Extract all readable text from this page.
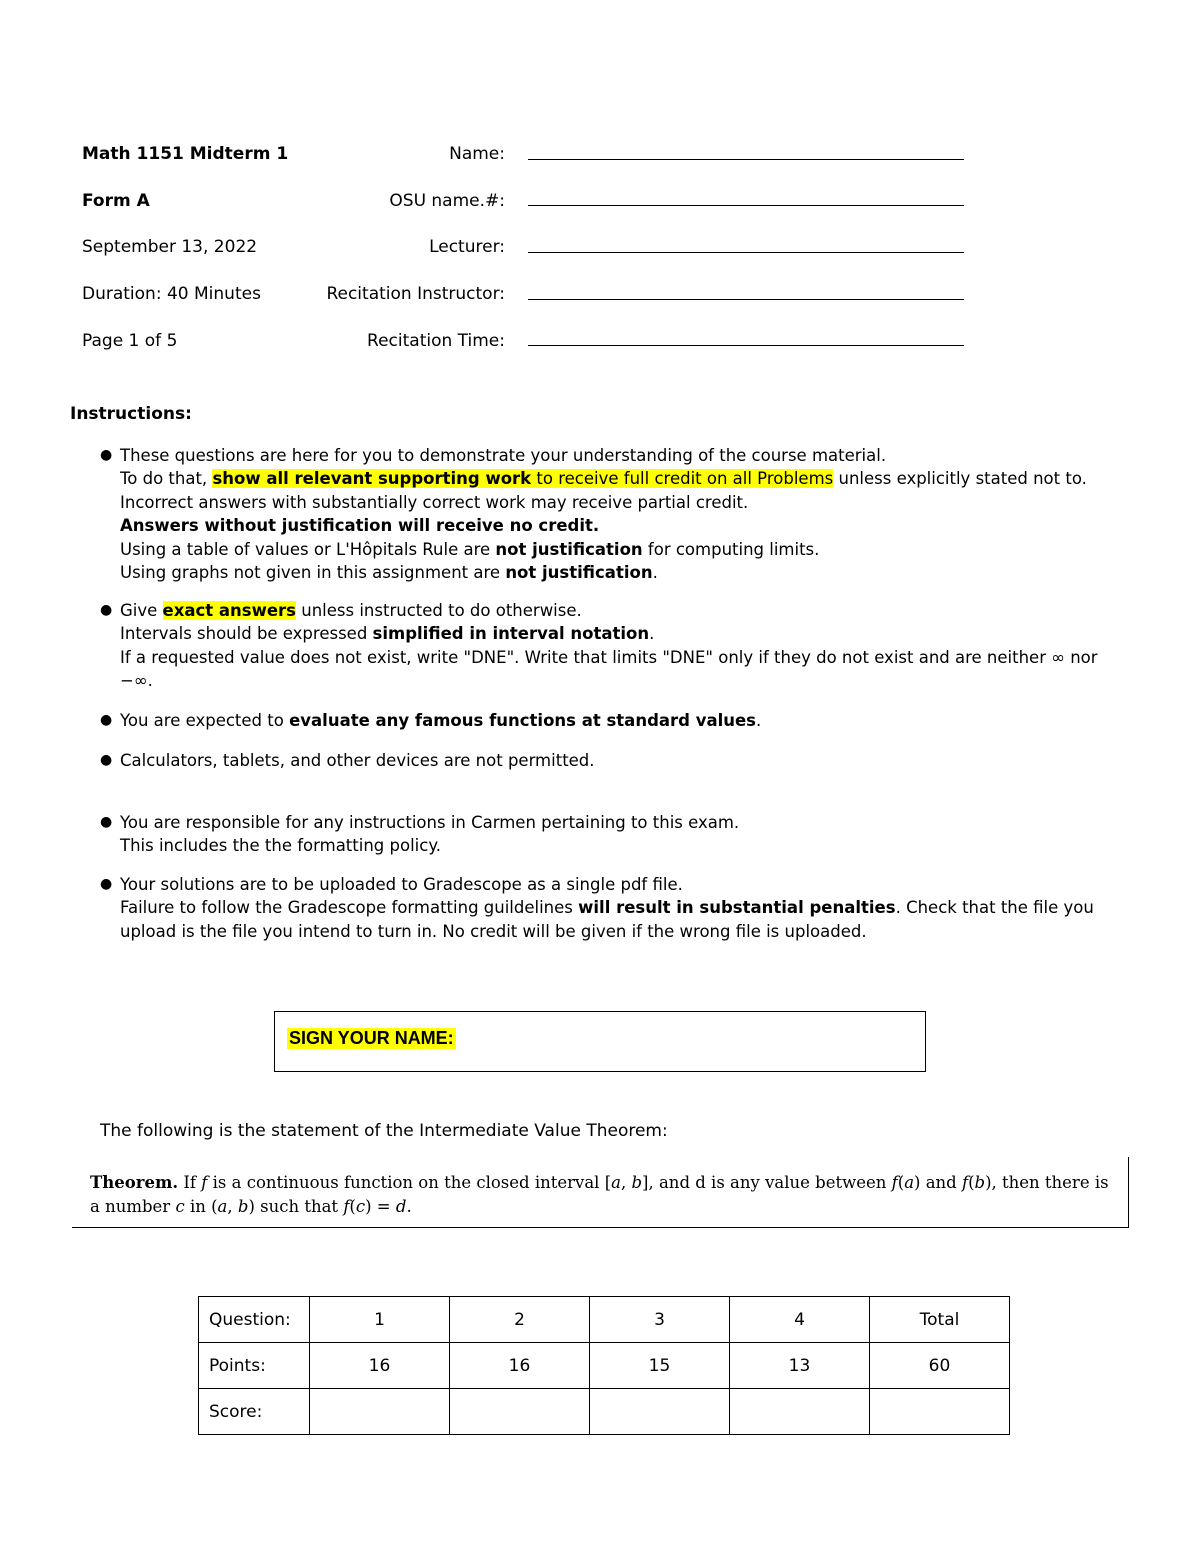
Math 1151 Midterm 1
Form A
September 13, 2022
Duration: 40 Minutes
Page 1 of 5
Name:
OSU name.#:
Lecturer:
Recitation Instructor:
Recitation Time:
Instructions:
● These questions are here for you to demonstrate your understanding of the course material.
To do that, show all relevant supporting work to receive full credit on all Problems unless explicitly stated not to.
Incorrect answers with substantially correct work may receive partial credit.
Answers without justification will receive no credit.
Using a table of values or L'Hôpitals Rule are not justification for computing limits.
Using graphs not given in this assignment are not justification.
● Give exact answers unless instructed to do otherwise.
Intervals should be expressed simplified in interval notation.
If a requested value does not exist, write "DNE". Write that limits "DNE" only if they do not exist and are neither ∞ nor −∞.
● You are expected to evaluate any famous functions at standard values.
● Calculators, tablets, and other devices are not permitted.
● You are responsible for any instructions in Carmen pertaining to this exam.
This includes the the formatting policy.
● Your solutions are to be uploaded to Gradescope as a single pdf file.
Failure to follow the Gradescope formatting guildelines will result in substantial penalties. Check that the file you upload is the file you intend to turn in. No credit will be given if the wrong file is uploaded.
SIGN YOUR NAME:
The following is the statement of the Intermediate Value Theorem:
Theorem. If f is a continuous function on the closed interval [a, b], and d is any value between f(a) and f(b), then there is a number c in (a, b) such that f(c) = d.
Question:	1	2	3	4	Total
Points:	16	16	15	13	60
Score:					
